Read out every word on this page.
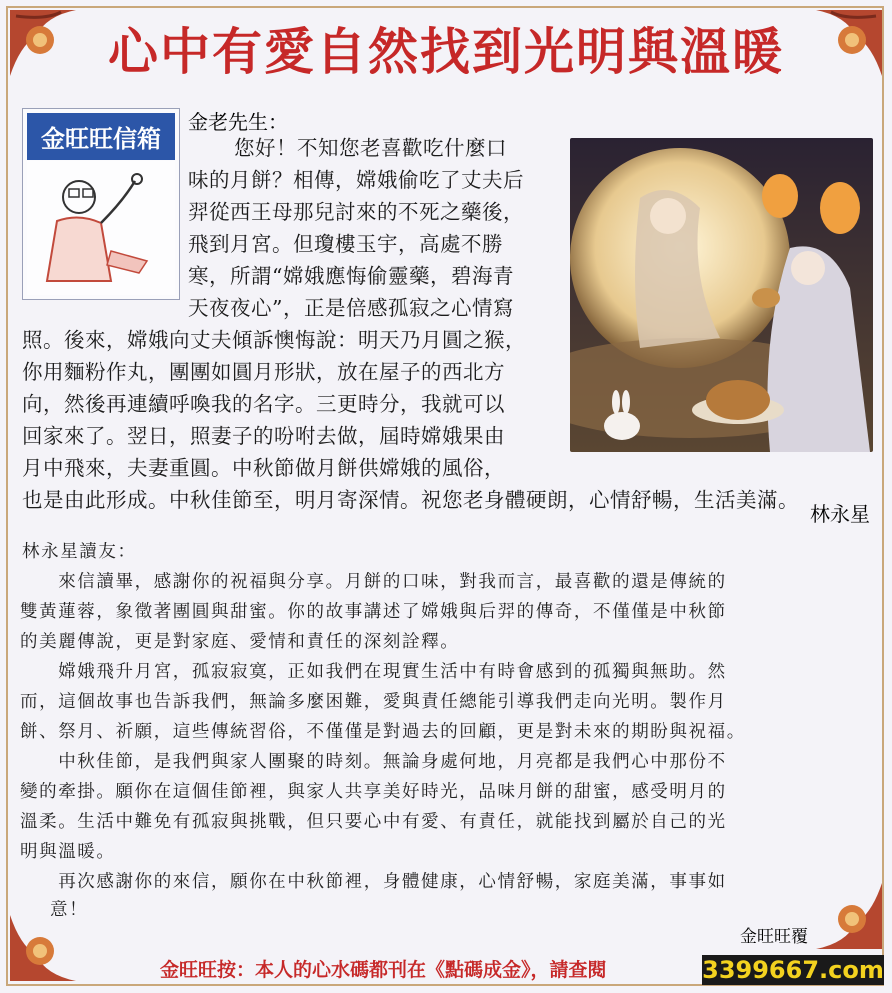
心中有愛自然找到光明與溫暖
金旺旺信箱
金老先生：
您好！不知您老喜歡吃什麼口
味的月餅？相傳，嫦娥偷吃了丈夫后
羿從西王母那兒討來的不死之藥後，
飛到月宮。但瓊樓玉宇，高處不勝
寒，所謂“嫦娥應悔偷靈藥，碧海青
天夜夜心”，正是倍感孤寂之心情寫
照。後來，嫦娥向丈夫傾訴懊悔說：明天乃月圓之猴，
你用麵粉作丸，團團如圓月形狀，放在屋子的西北方
向，然後再連續呼喚我的名字。三更時分，我就可以
回家來了。翌日，照妻子的吩咐去做，屆時嫦娥果由
月中飛來，夫妻重圓。中秋節做月餅供嫦娥的風俗，
也是由此形成。中秋佳節至，明月寄深情。祝您老身體硬朗，心情舒暢，生活美滿。
林永星
林永星讀友：
　　來信讀畢，感謝你的祝福與分享。月餅的口味，對我而言，最喜歡的還是傳統的
雙黃蓮蓉，象徵著團圓與甜蜜。你的故事講述了嫦娥與后羿的傳奇，不僅僅是中秋節
的美麗傳說，更是對家庭、愛情和責任的深刻詮釋。
　　嫦娥飛升月宮，孤寂寂寞，正如我們在現實生活中有時會感到的孤獨與無助。然
而，這個故事也告訴我們，無論多麼困難，愛與責任總能引導我們走向光明。製作月
餅、祭月、祈願，這些傳統習俗，不僅僅是對過去的回顧，更是對未來的期盼與祝福。
　　中秋佳節，是我們與家人團聚的時刻。無論身處何地，月亮都是我們心中那份不
變的牽掛。願你在這個佳節裡，與家人共享美好時光，品味月餅的甜蜜，感受明月的
溫柔。生活中難免有孤寂與挑戰，但只要心中有愛、有責任，就能找到屬於自己的光
明與溫暖。
　　再次感謝你的來信，願你在中秋節裡，身體健康，心情舒暢，家庭美滿，事事如
意！
金旺旺覆
金旺旺按：本人的心水碼都刊在《點碼成金》，請查閱	3399667.com
